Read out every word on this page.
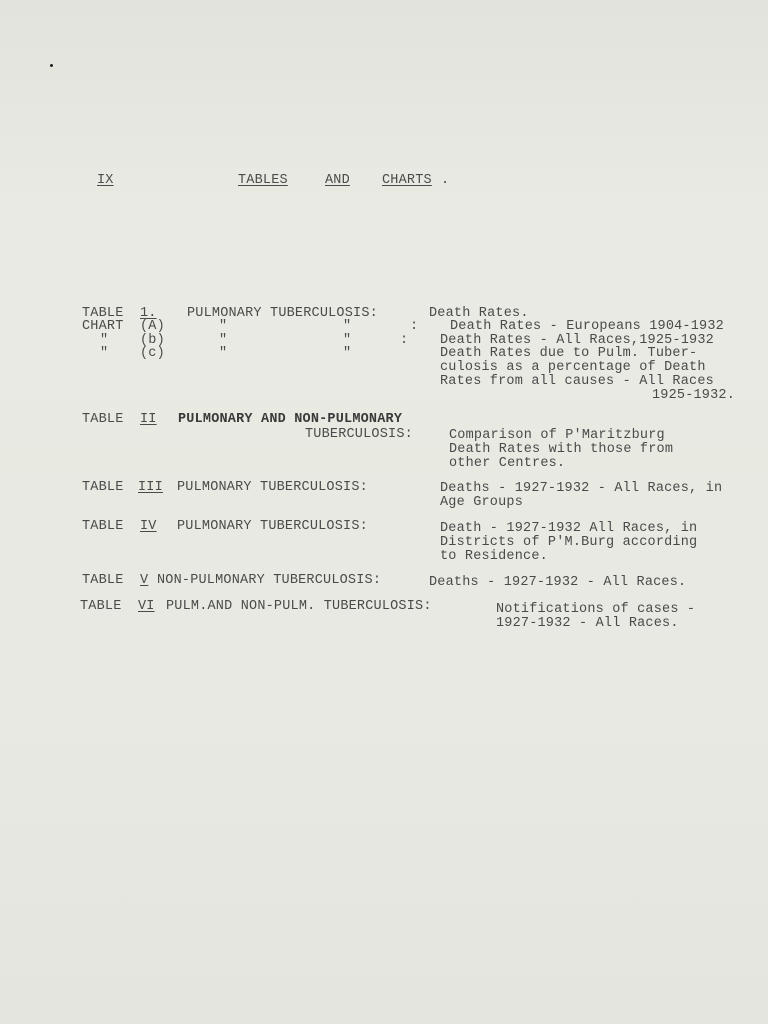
IX	TABLES	AND CHARTS .
TABLE 1. PULMONARY TUBERCULOSIS:	Death Rates.
CHART (A)	"	"	: Death Rates - Europeans 1904-1932
" (b)	"	"	: Death Rates - All Races,1925-1932
" (c)	"	"	Death Rates due to Pulm. Tuber-
culosis as a percentage of Death
Rates from all causes - All Races
1925-1932.
TABLE II PULMONARY AND NON-PULMONARY
TUBERCULOSIS:	Comparison of P'Maritzburg
Death Rates with those from
other Centres.
TABLE III PULMONARY TUBERCULOSIS:	Deaths - 1927-1932 - All Races, in
Age Groups
TABLE IV PULMONARY TUBERCULOSIS:	Death - 1927-1932 All Races, in
Districts of P'M.Burg according
to Residence.
TABLE V NON-PULMONARY TUBERCULOSIS:	Deaths - 1927-1932 - All Races.
TABLE VI PULM.AND NON-PULM. TUBERCULOSIS:	Notifications of cases -
1927-1932 - All Races.
